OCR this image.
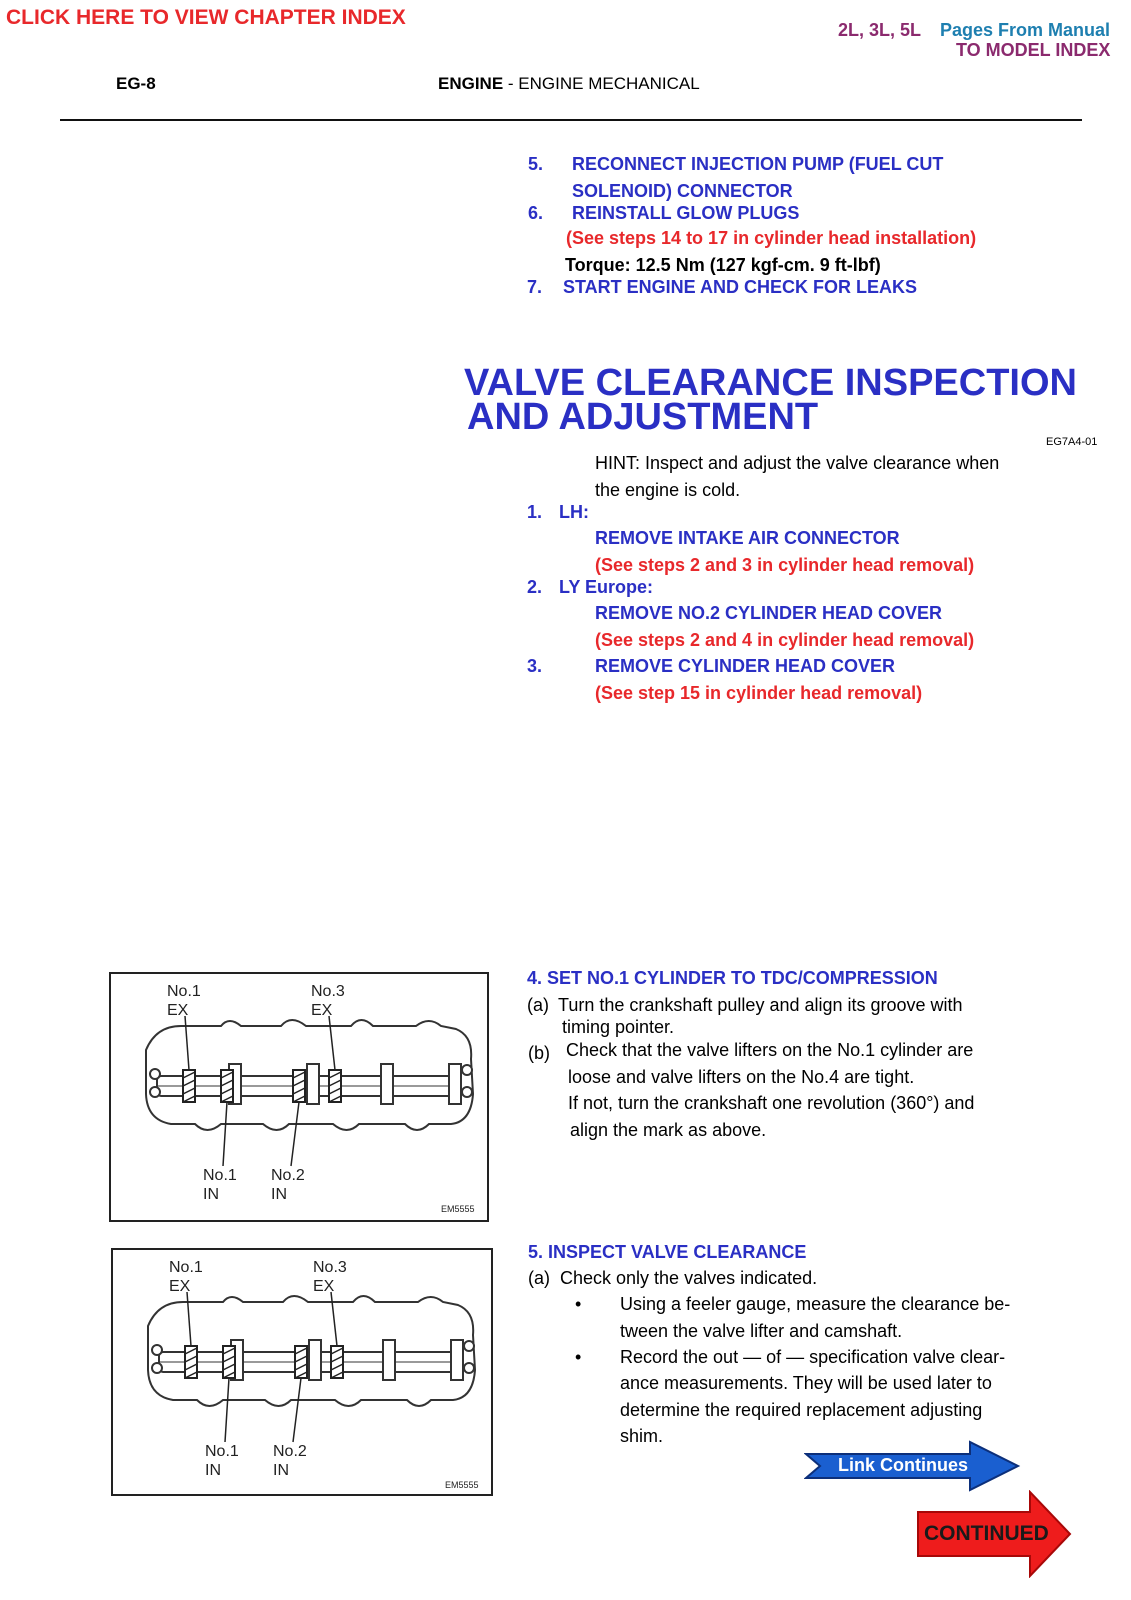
CLICK HERE TO VIEW CHAPTER INDEX
2L, 3L, 5L Pages From Manual
TO MODEL INDEX
EG-8	ENGINE - ENGINE MECHANICAL
5. RECONNECT INJECTION PUMP (FUEL CUT
SOLENOID) CONNECTOR
6. REINSTALL GLOW PLUGS
(See steps 14 to 17 in cylinder head installation)
Torque: 12.5 Nm (127 kgf-cm. 9 ft-lbf)
7. START ENGINE AND CHECK FOR LEAKS
VALVE CLEARANCE INSPECTION
AND ADJUSTMENT
EG7A4-01
HINT: Inspect and adjust the valve clearance when
the engine is cold.
1. LH:
REMOVE INTAKE AIR CONNECTOR
(See steps 2 and 3 in cylinder head removal)
2. LY Europe:
REMOVE NO.2 CYLINDER HEAD COVER
(See steps 2 and 4 in cylinder head removal)
3.	REMOVE CYLINDER HEAD COVER
(See step 15 in cylinder head removal)
No.1
EX
No.3
EX
No.1
IN
No.2
IN
EM5555
4. SET NO.1 CYLINDER TO TDC/COMPRESSION
(a) Turn the crankshaft pulley and align its groove with
timing pointer.
(b) Check that the valve lifters on the No.1 cylinder are
loose and valve lifters on the No.4 are tight.
If not, turn the crankshaft one revolution (360°) and
align the mark as above.
No.1
EX
No.3
EX
No.1
IN
No.2
IN
EM5555
5. INSPECT VALVE CLEARANCE
(a) Check only the valves indicated.
• Using a feeler gauge, measure the clearance be-
tween the valve lifter and camshaft.
• Record the out — of — specification valve clear-
ance measurements. They will be used later to
determine the required replacement adjusting
shim.
Link Continues
CONTINUED
